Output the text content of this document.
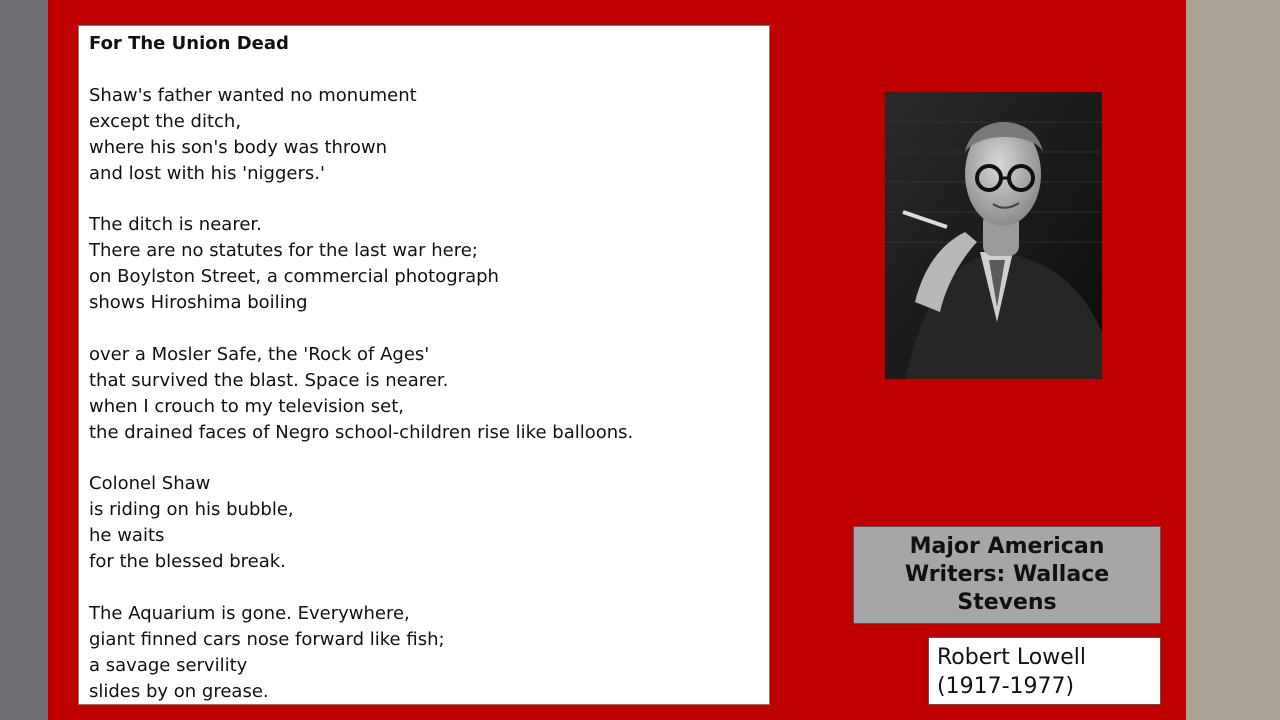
For The Union Dead
Shaw's father wanted no monument
except the ditch,
where his son's body was thrown
and lost with his 'niggers.'
The ditch is nearer.
There are no statutes for the last war here;
on Boylston Street, a commercial photograph
shows Hiroshima boiling
over a Mosler Safe, the 'Rock of Ages'
that survived the blast. Space is nearer.
when I crouch to my television set,
the drained faces of Negro school-children rise like balloons.
Colonel Shaw
is riding on his bubble,
he waits
for the blessed break.
The Aquarium is gone. Everywhere,
giant finned cars nose forward like fish;
a savage servility
slides by on grease.
Major American Writers: Wallace Stevens
Robert Lowell
(1917-1977)
